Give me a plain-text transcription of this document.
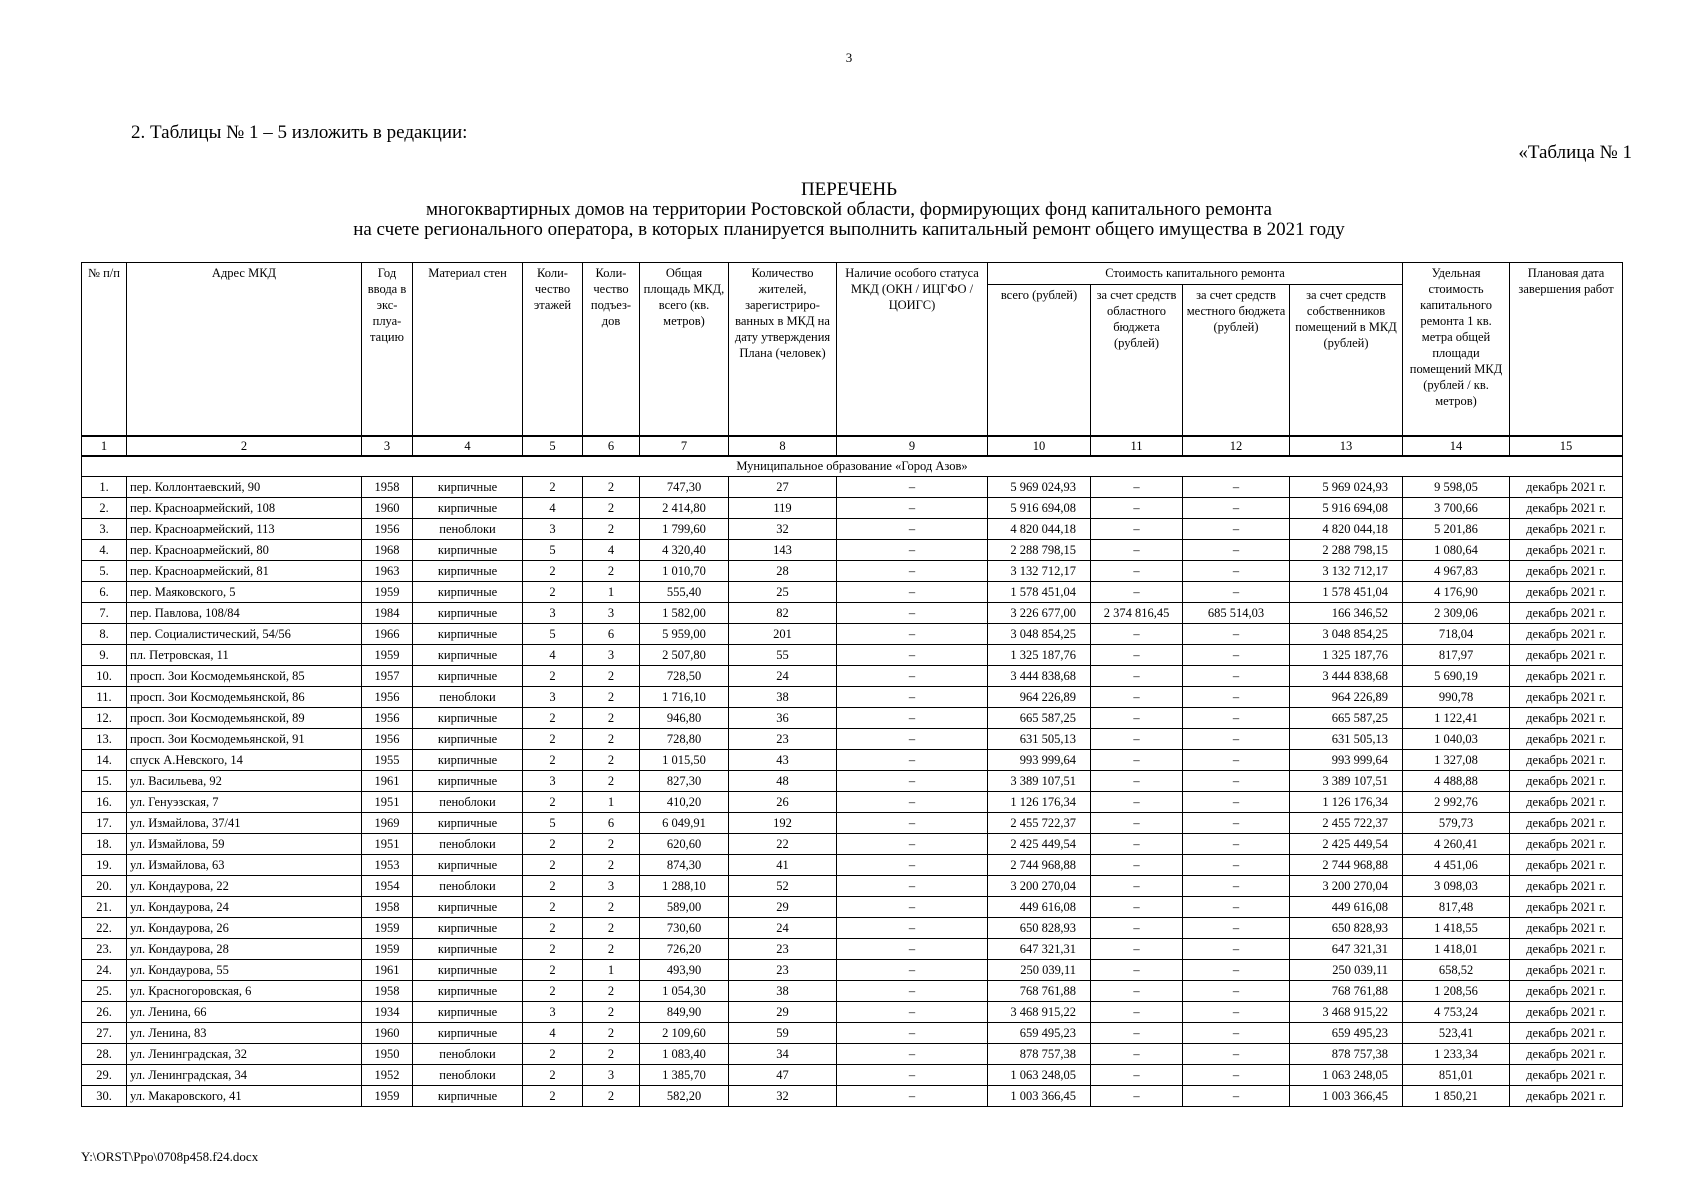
3
2. Таблицы № 1 – 5 изложить в редакции:
«Таблица № 1
ПЕРЕЧЕНЬ
многоквартирных домов на территории Ростовской области, формирующих фонд капитального ремонта
на счете регионального оператора, в которых планируется выполнить капитальный ремонт общего имущества в 2021 году
№ п/п	Адрес МКД	Год ввода в экс-плуа-тацию	Материал стен	Коли-чество этажей	Коли-чество подъез-дов	Общая площадь МКД, всего (кв. метров)	Количество жителей, зарегистриро-ванных в МКД на дату утверждения Плана (человек)	Наличие особого статуса МКД (ОКН / ИЦГФО / ЦОИГС)	Стоимость капитального ремонта				Удельная стоимость капитального ремонта 1 кв. метра общей площади помещений МКД (рублей / кв. метров)	Плановая дата завершения работ
									всего (рублей)	за счет средств областного бюджета (рублей)	за счет средств местного бюджета (рублей)	за счет средств собственников помещений в МКД (рублей)		
1	2	3	4	5	6	7	8	9	10	11	12	13	14	15
Муниципальное образование «Город Азов»														
1.	пер. Коллонтаевский, 90	1958	кирпичные	2	2	747,30	27	–	5 969 024,93	–	–	5 969 024,93	9 598,05	декабрь 2021 г.
2.	пер. Красноармейский, 108	1960	кирпичные	4	2	2 414,80	119	–	5 916 694,08	–	–	5 916 694,08	3 700,66	декабрь 2021 г.
3.	пер. Красноармейский, 113	1956	пеноблоки	3	2	1 799,60	32	–	4 820 044,18	–	–	4 820 044,18	5 201,86	декабрь 2021 г.
4.	пер. Красноармейский, 80	1968	кирпичные	5	4	4 320,40	143	–	2 288 798,15	–	–	2 288 798,15	1 080,64	декабрь 2021 г.
5.	пер. Красноармейский, 81	1963	кирпичные	2	2	1 010,70	28	–	3 132 712,17	–	–	3 132 712,17	4 967,83	декабрь 2021 г.
6.	пер. Маяковского, 5	1959	кирпичные	2	1	555,40	25	–	1 578 451,04	–	–	1 578 451,04	4 176,90	декабрь 2021 г.
7.	пер. Павлова, 108/84	1984	кирпичные	3	3	1 582,00	82	–	3 226 677,00	2 374 816,45	685 514,03	166 346,52	2 309,06	декабрь 2021 г.
8.	пер. Социалистический, 54/56	1966	кирпичные	5	6	5 959,00	201	–	3 048 854,25	–	–	3 048 854,25	718,04	декабрь 2021 г.
9.	пл. Петровская, 11	1959	кирпичные	4	3	2 507,80	55	–	1 325 187,76	–	–	1 325 187,76	817,97	декабрь 2021 г.
10.	просп. Зои Космодемьянской, 85	1957	кирпичные	2	2	728,50	24	–	3 444 838,68	–	–	3 444 838,68	5 690,19	декабрь 2021 г.
11.	просп. Зои Космодемьянской, 86	1956	пеноблоки	3	2	1 716,10	38	–	964 226,89	–	–	964 226,89	990,78	декабрь 2021 г.
12.	просп. Зои Космодемьянской, 89	1956	кирпичные	2	2	946,80	36	–	665 587,25	–	–	665 587,25	1 122,41	декабрь 2021 г.
13.	просп. Зои Космодемьянской, 91	1956	кирпичные	2	2	728,80	23	–	631 505,13	–	–	631 505,13	1 040,03	декабрь 2021 г.
14.	спуск А.Невского, 14	1955	кирпичные	2	2	1 015,50	43	–	993 999,64	–	–	993 999,64	1 327,08	декабрь 2021 г.
15.	ул. Васильева, 92	1961	кирпичные	3	2	827,30	48	–	3 389 107,51	–	–	3 389 107,51	4 488,88	декабрь 2021 г.
16.	ул. Генуэзская, 7	1951	пеноблоки	2	1	410,20	26	–	1 126 176,34	–	–	1 126 176,34	2 992,76	декабрь 2021 г.
17.	ул. Измайлова, 37/41	1969	кирпичные	5	6	6 049,91	192	–	2 455 722,37	–	–	2 455 722,37	579,73	декабрь 2021 г.
18.	ул. Измайлова, 59	1951	пеноблоки	2	2	620,60	22	–	2 425 449,54	–	–	2 425 449,54	4 260,41	декабрь 2021 г.
19.	ул. Измайлова, 63	1953	кирпичные	2	2	874,30	41	–	2 744 968,88	–	–	2 744 968,88	4 451,06	декабрь 2021 г.
20.	ул. Кондаурова, 22	1954	пеноблоки	2	3	1 288,10	52	–	3 200 270,04	–	–	3 200 270,04	3 098,03	декабрь 2021 г.
21.	ул. Кондаурова, 24	1958	кирпичные	2	2	589,00	29	–	449 616,08	–	–	449 616,08	817,48	декабрь 2021 г.
22.	ул. Кондаурова, 26	1959	кирпичные	2	2	730,60	24	–	650 828,93	–	–	650 828,93	1 418,55	декабрь 2021 г.
23.	ул. Кондаурова, 28	1959	кирпичные	2	2	726,20	23	–	647 321,31	–	–	647 321,31	1 418,01	декабрь 2021 г.
24.	ул. Кондаурова, 55	1961	кирпичные	2	1	493,90	23	–	250 039,11	–	–	250 039,11	658,52	декабрь 2021 г.
25.	ул. Красногоровская, 6	1958	кирпичные	2	2	1 054,30	38	–	768 761,88	–	–	768 761,88	1 208,56	декабрь 2021 г.
26.	ул. Ленина, 66	1934	кирпичные	3	2	849,90	29	–	3 468 915,22	–	–	3 468 915,22	4 753,24	декабрь 2021 г.
27.	ул. Ленина, 83	1960	кирпичные	4	2	2 109,60	59	–	659 495,23	–	–	659 495,23	523,41	декабрь 2021 г.
28.	ул. Ленинградская, 32	1950	пеноблоки	2	2	1 083,40	34	–	878 757,38	–	–	878 757,38	1 233,34	декабрь 2021 г.
29.	ул. Ленинградская, 34	1952	пеноблоки	2	3	1 385,70	47	–	1 063 248,05	–	–	1 063 248,05	851,01	декабрь 2021 г.
30.	ул. Макаровского, 41	1959	кирпичные	2	2	582,20	32	–	1 003 366,45	–	–	1 003 366,45	1 850,21	декабрь 2021 г.
Y:\ORST\Ppo\0708p458.f24.docx
